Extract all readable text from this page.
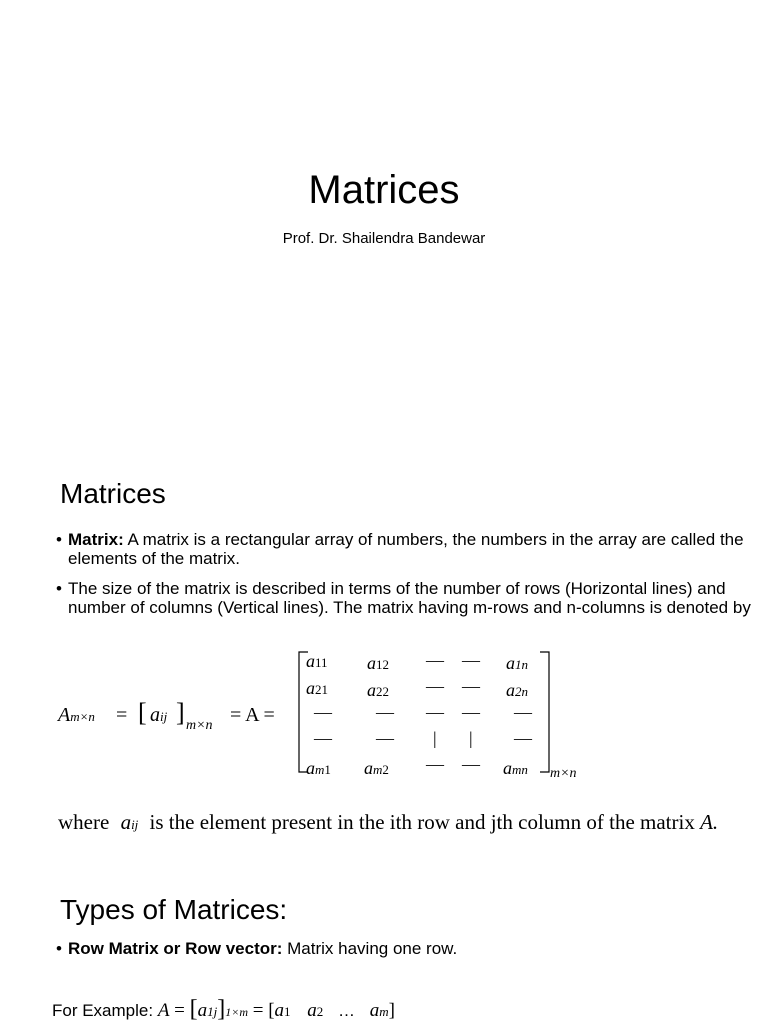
Matrices
Prof. Dr. Shailendra Bandewar
Matrices
• Matrix: A matrix is a rectangular array of numbers, the numbers in the array are called the elements of the matrix.
• The size of the matrix is described in terms of the number of rows (Horizontal lines) and number of columns (Vertical lines). The matrix having m-rows and n-columns is denoted by
Am×n = [ aij ] m×n = A =
a11 a12 — — a1n
a21 a22 — — a2n
— — — — —
— — | | —
am1 am2 — — amn m×n
where aij is the element present in the ith row and jth column of the matrix A.
Types of Matrices:
• Row Matrix or Row vector: Matrix having one row.
For Example: A = [a1j]1×m = [a1 a2 … am]
